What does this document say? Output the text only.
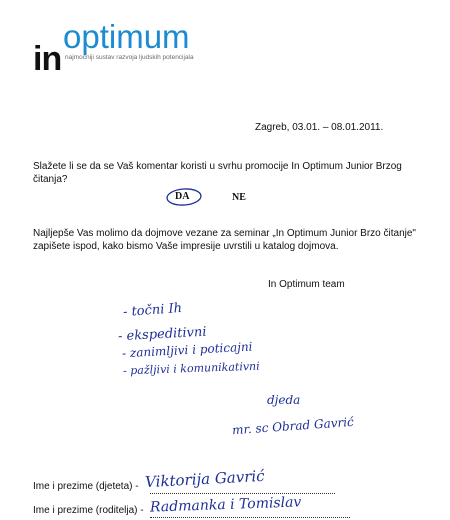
optimum
in najmoćniji sustav razvoja ljudskih potencijala
Zagreb, 03.01. – 08.01.2011.
Slažete li se da se Vaš komentar koristi u svrhu promocije In Optimum Junior Brzog čitanja?
DA	NE
Najljepše Vas molimo da dojmove vezane za seminar „In Optimum Junior Brzo čitanje" zapišete ispod, kako bismo Vaše impresije uvrstili u katalog dojmova.
In Optimum team
- točni Ih
- ekspeditivni
- zanimljivi i poticajni
- pažljivi i komunikativni
djeda
mr. sc Obrad Gavrić
Ime i prezime (djeteta) - Viktorija Gavrić
Ime i prezime (roditelja) - Radmanka i Tomislav
